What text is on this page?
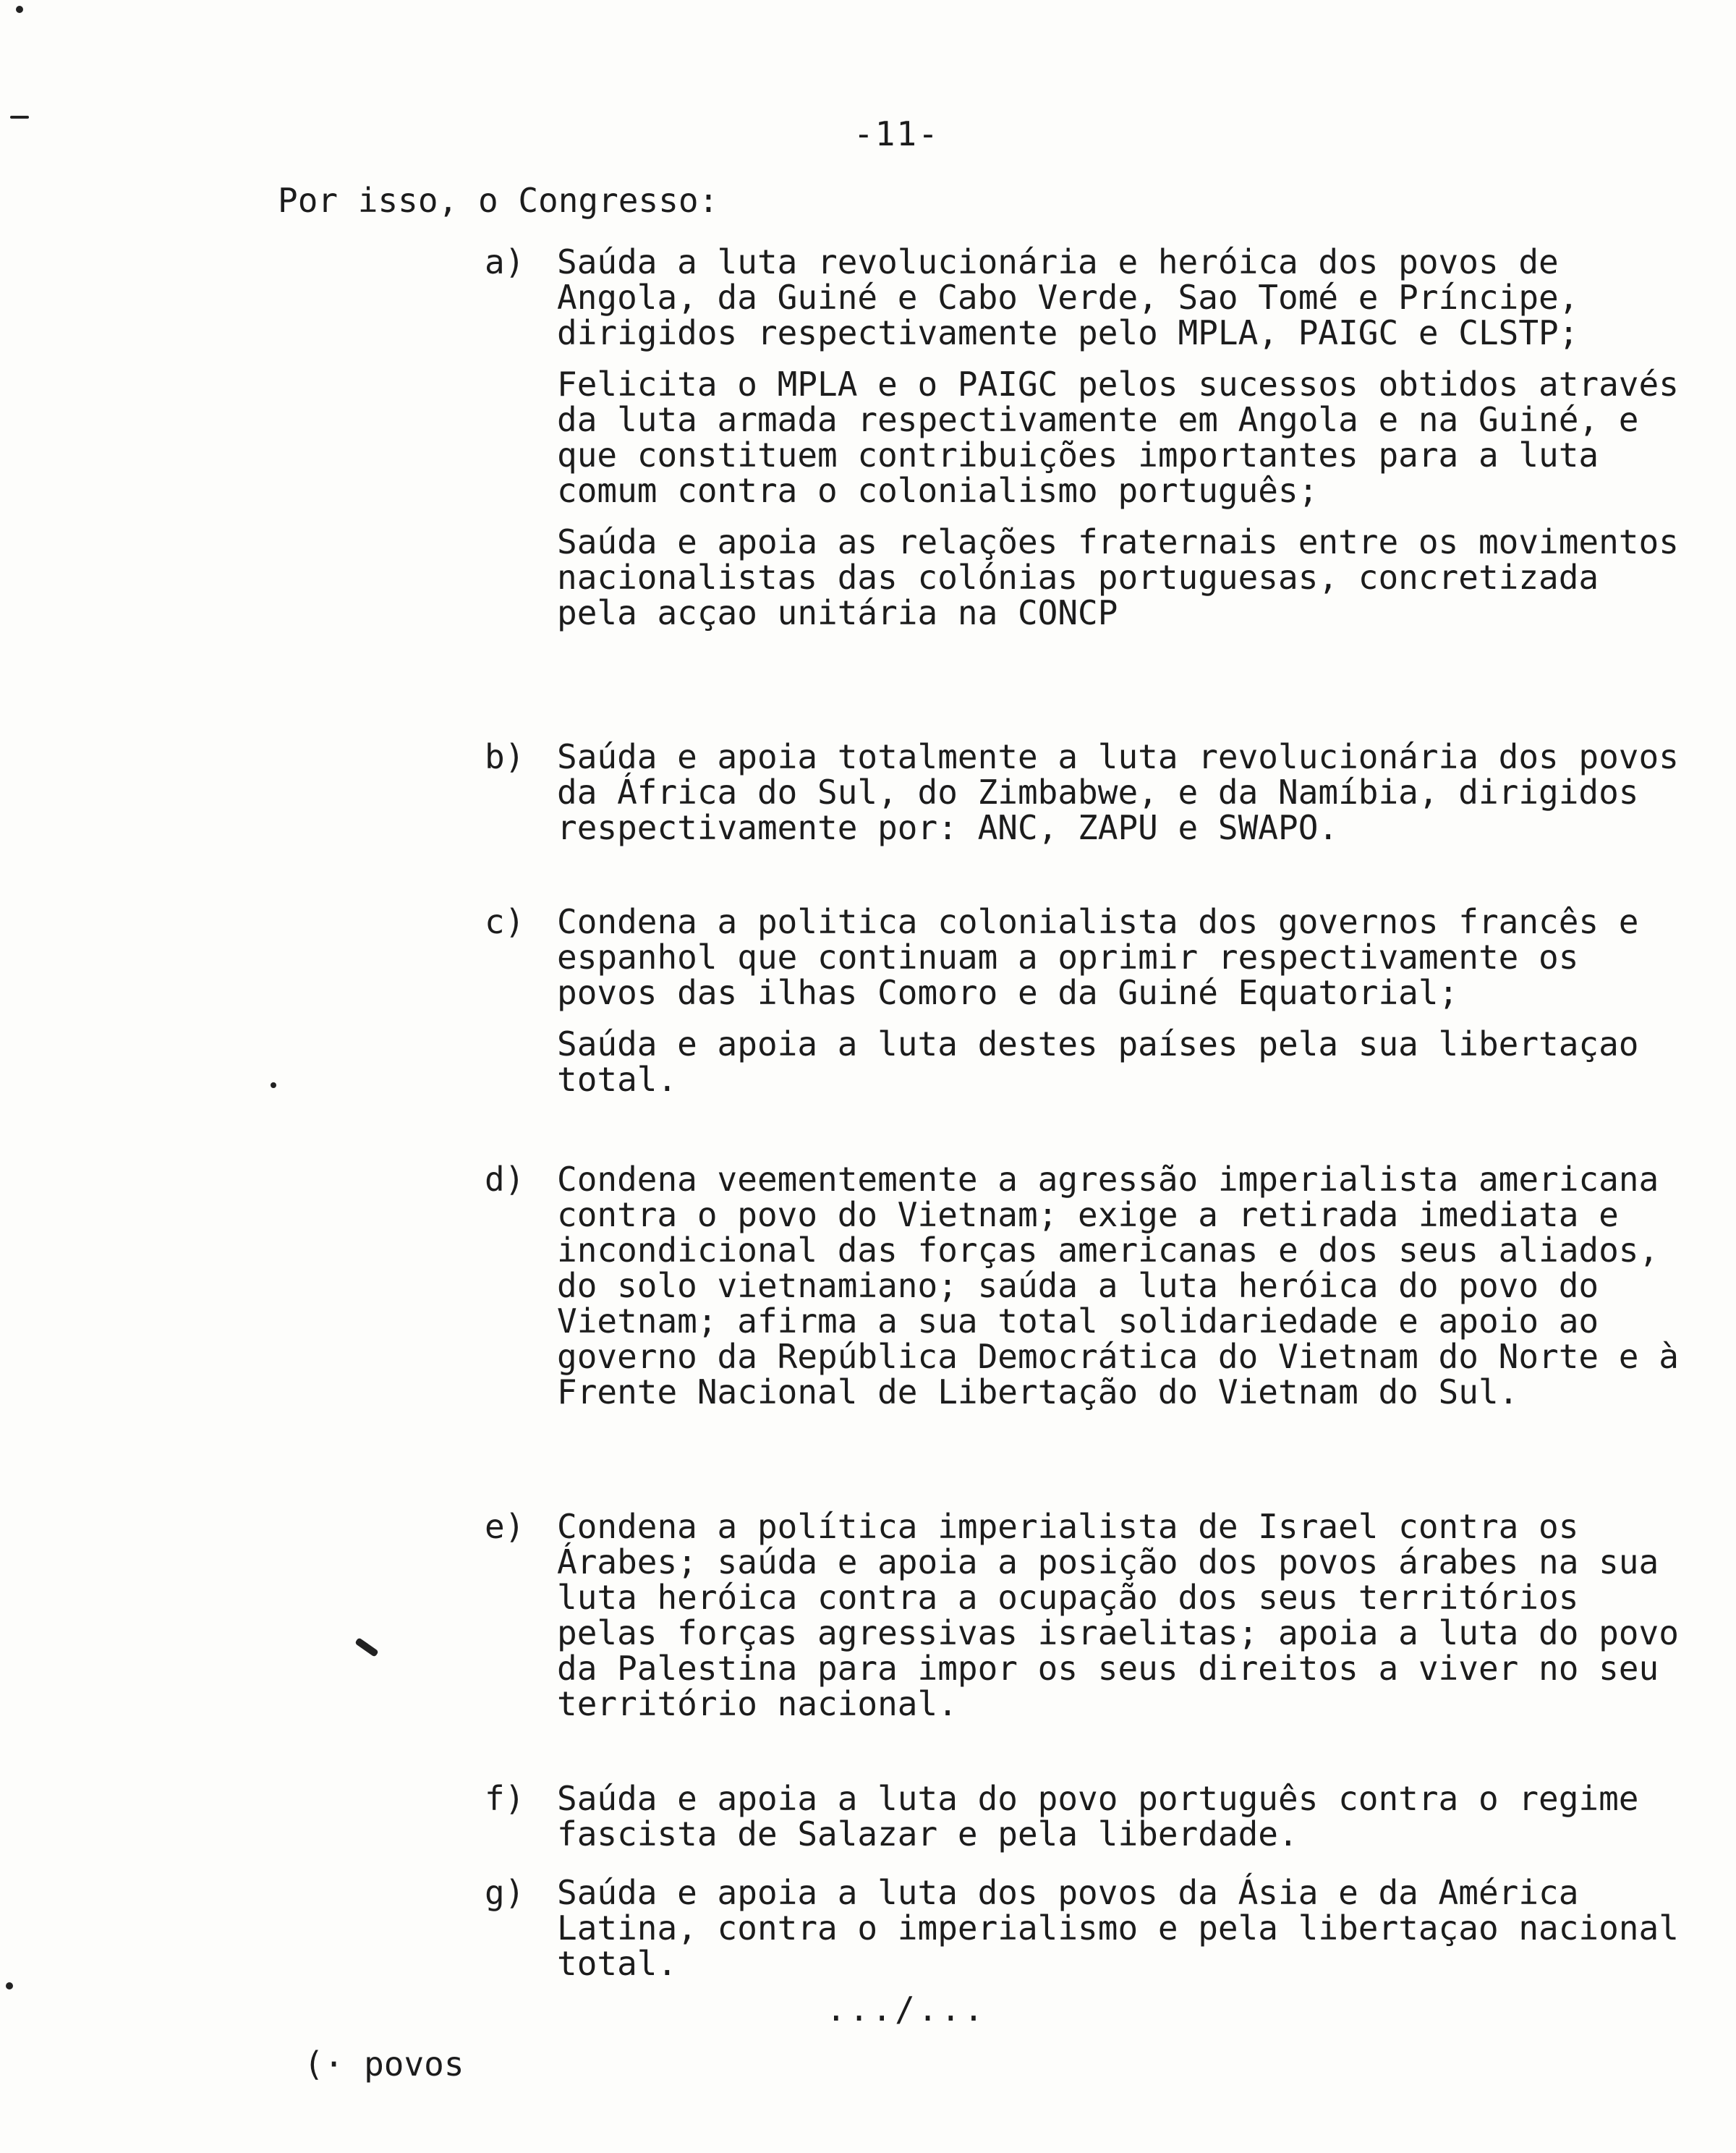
-11-
Por isso, o Congresso:
a) Saúda a luta revolucionária e heróica dos povos de Angola, da Guiné e Cabo Verde, Sao Tomé e Príncipe, dirigidos respectivamente pelo MPLA, PAIGC e CLSTP;

Felicita o MPLA e o PAIGC pelos sucessos obtidos através da luta armada respectivamente em Angola e na Guiné, e que constituem contribuições importantes para a luta comum contra o colonialismo português;

Saúda e apoia as relações fraternais entre os movimentos nacionalistas das colónias portuguesas, concretizada pela acçao unitária na CONCP

b) Saúda e apoia totalmente a luta revolucionária dos povos da África do Sul, do Zimbabwe, e da Namíbia, dirigidos respectivamente por: ANC, ZAPU e SWAPO.

c) Condena a politica colonialista dos governos francês e espanhol que continuam a oprimir respectivamente os povos das ilhas Comoro e da Guiné Equatorial;

Saúda e apoia a luta destes países pela sua libertaçao total.

d) Condena veementemente a agressão imperialista americana contra o povo do Vietnam; exige a retirada imediata e incondicional das forças americanas e dos seus aliados, do solo vietnamiano; saúda a luta heróica do povo do Vietnam; afirma a sua total solidariedade e apoio ao governo da República Democrática do Vietnam do Norte e à Frente Nacional de Libertação do Vietnam do Sul.

e) Condena a política imperialista de Israel contra os Árabes; saúda e apoia a posição dos povos árabes na sua luta heróica contra a ocupação dos seus territórios pelas forças agressivas israelitas; apoia a luta do povo da Palestina para impor os seus direitos a viver no seu território nacional.

f) Saúda e apoia a luta do povo português contra o regime fascista de Salazar e pela liberdade.

g) Saúda e apoia a luta dos povos da Ásia e da América Latina, contra o imperialismo e pela libertaçao nacional total.

.../...
(· povos
